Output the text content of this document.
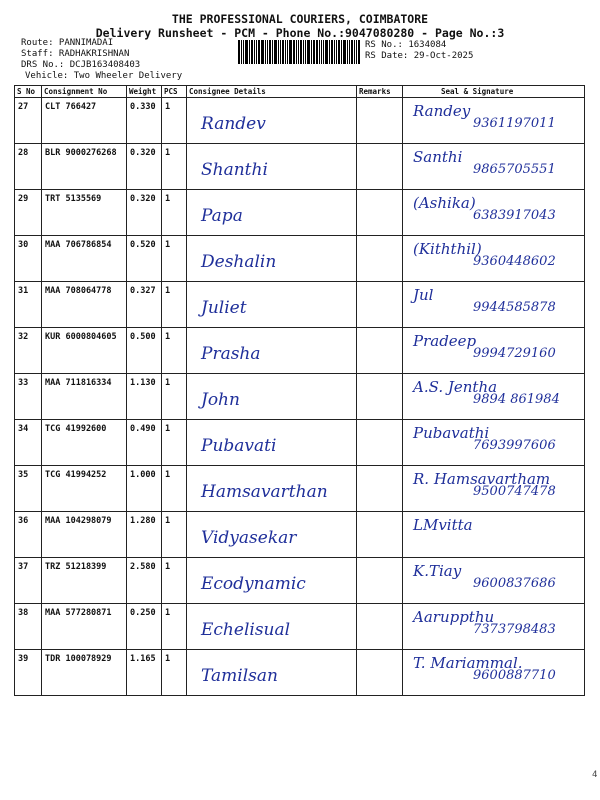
THE PROFESSIONAL COURIERS, COIMBATORE
Delivery Runsheet - PCM - Phone No.:9047080280 - Page No.:3
Route: PANNIMADAI
Staff: RADHAKRISHNAN
DRS No.: DCJB163408403
Vehicle: Two Wheeler Delivery
RS No.: 1634084
RS Date: 29-Oct-2025
S No	Consignment No	Weight	PCS	Consignee Details	Remarks	Seal & Signature
27	CLT 766427	0.330	1	Randev		Randey
9361197011

28	BLR 9000276268	0.320	1	Shanthi		Santhi
9865705551

29	TRT 5135569	0.320	1	Papa		(Ashika)
6383917043

30	MAA 706786854	0.520	1	Deshalin		(Kiththil)
9360448602

31	MAA 708064778	0.327	1	Juliet		Jul
9944585878

32	KUR 6000804605	0.500	1	Prasha		Pradeep
9994729160

33	MAA 711816334	1.130	1	John		A.S. Jentha
9894 861984

34	TCG 41992600	0.490	1	Pubavati		Pubavathi
7693997606

35	TCG 41994252	1.000	1	Hamsavarthan		R. Hamsavartham
9500747478

36	MAA 104298079	1.280	1	Vidyasekar		LMvitta

37	TRZ 51218399	2.580	1	Ecodynamic		K.Tiay
9600837686

38	MAA 577280871	0.250	1	Echelisual		Aaruppthu
7373798483

39	TDR 100078929	1.165	1	Tamilsan		T. Mariammal.
9600887710
4
